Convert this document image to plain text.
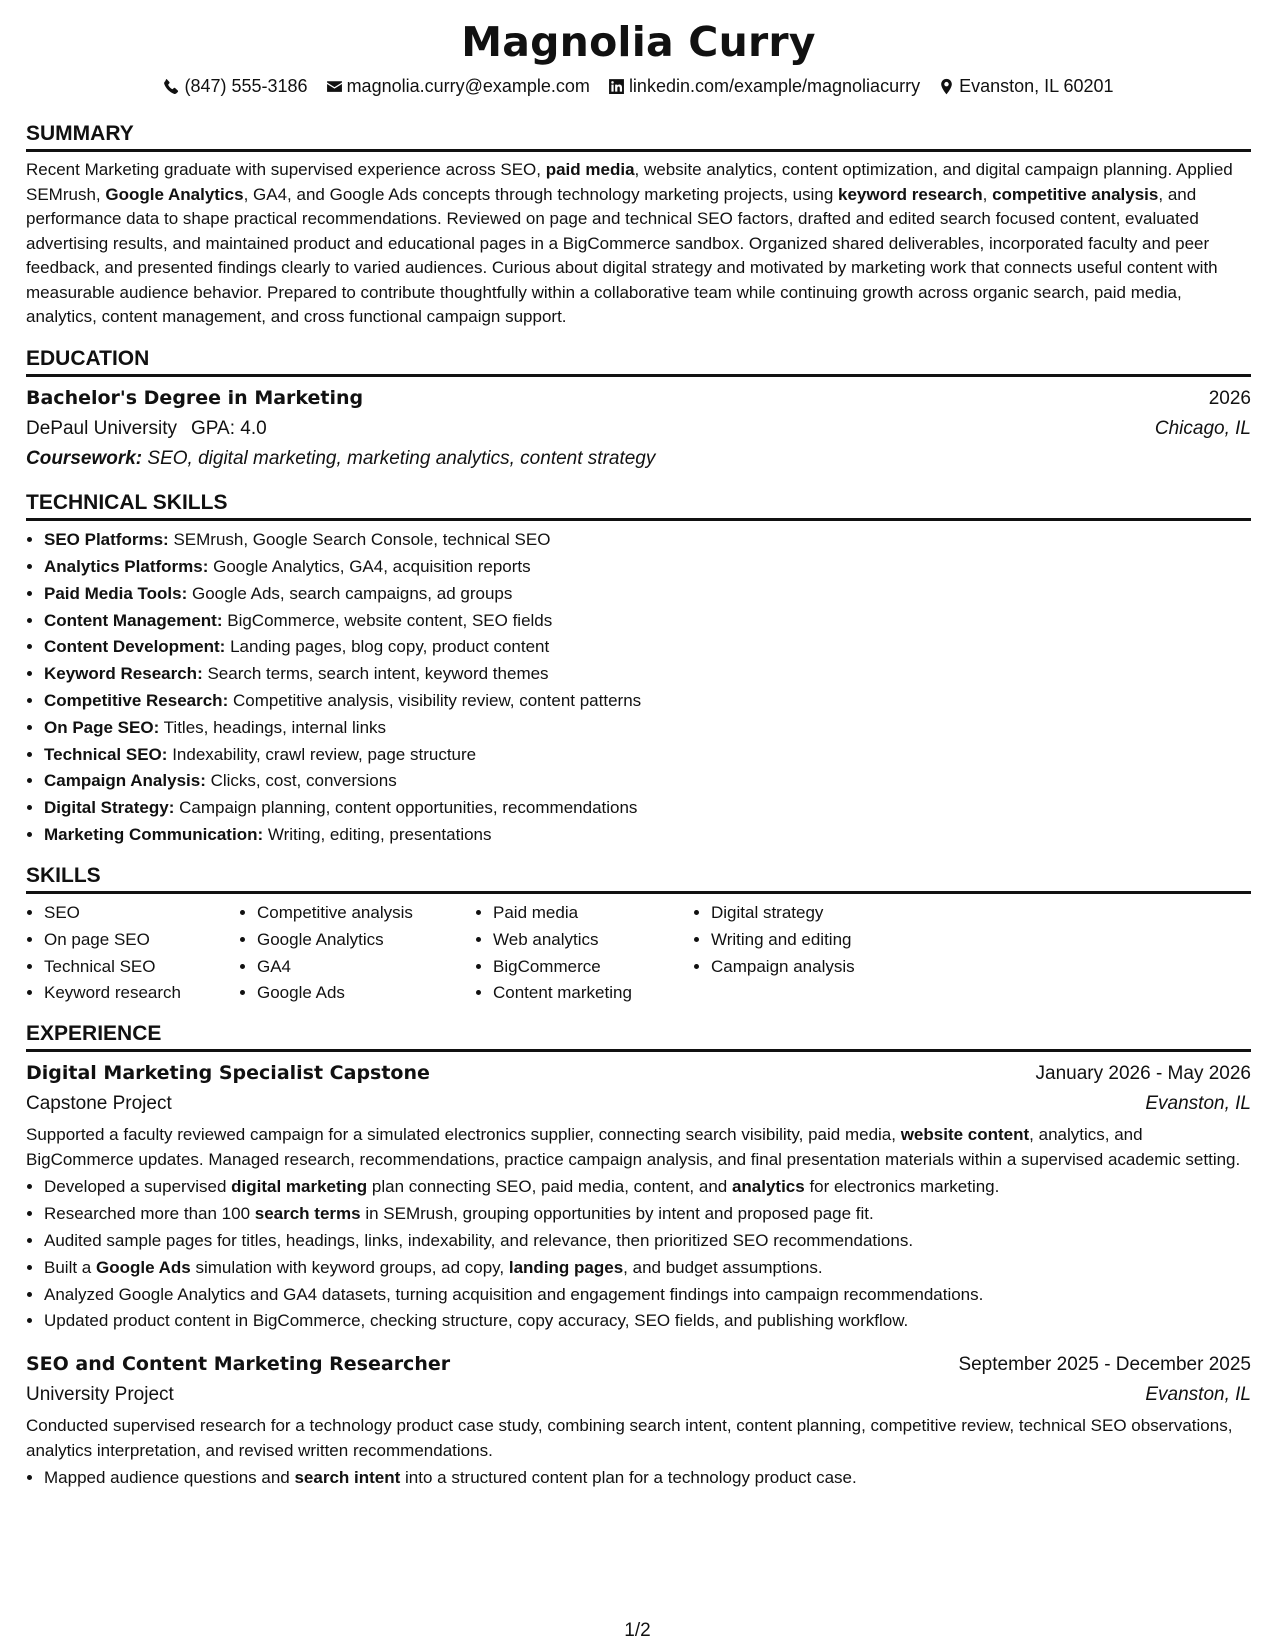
Magnolia Curry
(847) 555-3186 magnolia.curry@example.com linkedin.com/example/magnoliacurry Evanston, IL 60201
SUMMARY

Recent Marketing graduate with supervised experience across SEO, paid media, website analytics, content optimization, and digital campaign planning. Applied SEMrush, Google Analytics, GA4, and Google Ads concepts through technology marketing projects, using keyword research, competitive analysis, and performance data to shape practical recommendations. Reviewed on page and technical SEO factors, drafted and edited search focused content, evaluated advertising results, and maintained product and educational pages in a BigCommerce sandbox. Organized shared deliverables, incorporated faculty and peer feedback, and presented findings clearly to varied audiences. Curious about digital strategy and motivated by marketing work that connects useful content with measurable audience behavior. Prepared to contribute thoughtfully within a collaborative team while continuing growth across organic search, paid media, analytics, content management, and cross functional campaign support.

EDUCATION
Bachelor's Degree in Marketing	2026
DePaul University GPA: 4.0	Chicago, IL
Coursework: SEO, digital marketing, marketing analytics, content strategy
TECHNICAL SKILLS
• SEO Platforms: SEMrush, Google Search Console, technical SEO
• Analytics Platforms: Google Analytics, GA4, acquisition reports
• Paid Media Tools: Google Ads, search campaigns, ad groups
• Content Management: BigCommerce, website content, SEO fields
• Content Development: Landing pages, blog copy, product content
• Keyword Research: Search terms, search intent, keyword themes
• Competitive Research: Competitive analysis, visibility review, content patterns
• On Page SEO: Titles, headings, internal links
• Technical SEO: Indexability, crawl review, page structure
• Campaign Analysis: Clicks, cost, conversions
• Digital Strategy: Campaign planning, content opportunities, recommendations
• Marketing Communication: Writing, editing, presentations
SKILLS
• SEO
• On page SEO
• Technical SEO
• Keyword research
• Competitive analysis
• Google Analytics
• GA4
• Google Ads
• Paid media
• Web analytics
• BigCommerce
• Content marketing
• Digital strategy
• Writing and editing
• Campaign analysis
EXPERIENCE
Digital Marketing Specialist Capstone	January 2026 - May 2026
Capstone Project	Evanston, IL

Supported a faculty reviewed campaign for a simulated electronics supplier, connecting search visibility, paid media, website content, analytics, and BigCommerce updates. Managed research, recommendations, practice campaign analysis, and final presentation materials within a supervised academic setting.

• Developed a supervised digital marketing plan connecting SEO, paid media, content, and analytics for electronics marketing.
• Researched more than 100 search terms in SEMrush, grouping opportunities by intent and proposed page fit.
• Audited sample pages for titles, headings, links, indexability, and relevance, then prioritized SEO recommendations.
• Built a Google Ads simulation with keyword groups, ad copy, landing pages, and budget assumptions.
• Analyzed Google Analytics and GA4 datasets, turning acquisition and engagement findings into campaign recommendations.
• Updated product content in BigCommerce, checking structure, copy accuracy, SEO fields, and publishing workflow.
SEO and Content Marketing Researcher	September 2025 - December 2025
University Project	Evanston, IL

Conducted supervised research for a technology product case study, combining search intent, content planning, competitive review, technical SEO observations, analytics interpretation, and revised written recommendations.

• Mapped audience questions and search intent into a structured content plan for a technology product case.
1/2
